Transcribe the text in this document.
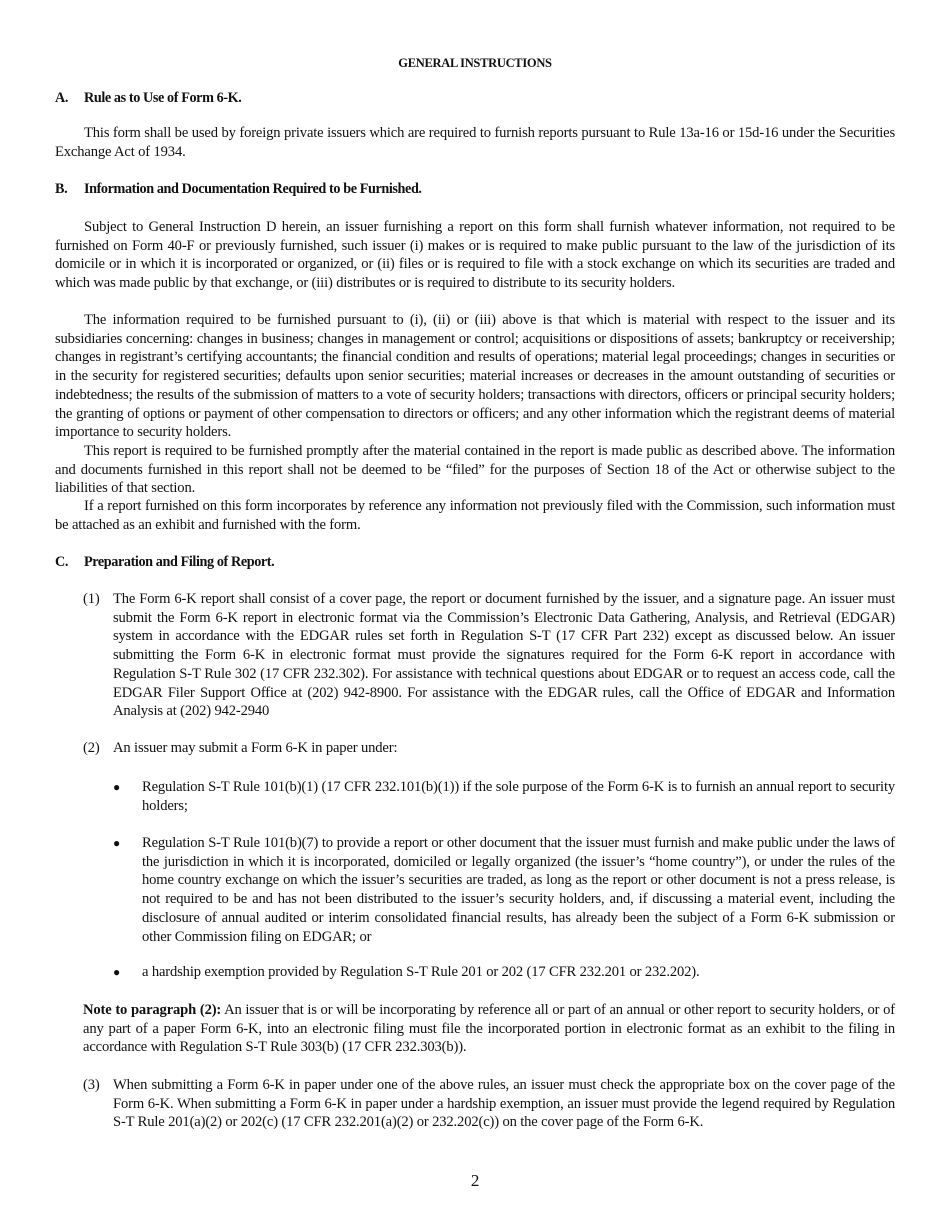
GENERAL INSTRUCTIONS
A. Rule as to Use of Form 6-K.

This form shall be used by foreign private issuers which are required to furnish reports pursuant to Rule 13a-16 or 15d-16 under the Securities Exchange Act of 1934.

B. Information and Documentation Required to be Furnished.

Subject to General Instruction D herein, an issuer furnishing a report on this form shall furnish whatever information, not required to be furnished on Form 40-F or previously furnished, such issuer (i) makes or is required to make public pursuant to the law of the jurisdiction of its domicile or in which it is incorporated or organized, or (ii) files or is required to file with a stock exchange on which its securities are traded and which was made public by that exchange, or (iii) distributes or is required to distribute to its security holders.

The information required to be furnished pursuant to (i), (ii) or (iii) above is that which is material with respect to the issuer and its subsidiaries concerning: changes in business; changes in management or control; acquisitions or dispositions of assets; bankruptcy or receivership; changes in registrant’s certifying accountants; the financial condition and results of operations; material legal proceedings; changes in securities or in the security for registered securities; defaults upon senior securities; material increases or decreases in the amount outstanding of securities or indebtedness; the results of the submission of matters to a vote of security holders; transactions with directors, officers or principal security holders; the granting of options or payment of other compensation to directors or officers; and any other information which the registrant deems of material importance to security holders.

This report is required to be furnished promptly after the material contained in the report is made public as described above. The information and documents furnished in this report shall not be deemed to be “filed” for the purposes of Section 18 of the Act or otherwise subject to the liabilities of that section.

If a report furnished on this form incorporates by reference any information not previously filed with the Commission, such information must be attached as an exhibit and furnished with the form.

C. Preparation and Filing of Report.
(1) The Form 6-K report shall consist of a cover page, the report or document furnished by the issuer, and a signature page. An issuer must submit the Form 6-K report in electronic format via the Commission’s Electronic Data Gathering, Analysis, and Retrieval (EDGAR) system in accordance with the EDGAR rules set forth in Regulation S-T (17 CFR Part 232) except as discussed below. An issuer submitting the Form 6-K in electronic format must provide the signatures required for the Form 6-K report in accordance with Regulation S-T Rule 302 (17 CFR 232.302). For assistance with technical questions about EDGAR or to request an access code, call the EDGAR Filer Support Office at (202) 942-8900. For assistance with the EDGAR rules, call the Office of EDGAR and Information Analysis at (202) 942-2940
(2) An issuer may submit a Form 6-K in paper under:
● Regulation S-T Rule 101(b)(1) (17 CFR 232.101(b)(1)) if the sole purpose of the Form 6-K is to furnish an annual report to security holders;
● Regulation S-T Rule 101(b)(7) to provide a report or other document that the issuer must furnish and make public under the laws of the jurisdiction in which it is incorporated, domiciled or legally organized (the issuer’s “home country”), or under the rules of the home country exchange on which the issuer’s securities are traded, as long as the report or other document is not a press release, is not required to be and has not been distributed to the issuer’s security holders, and, if discussing a material event, including the disclosure of annual audited or interim consolidated financial results, has already been the subject of a Form 6-K submission or other Commission filing on EDGAR; or
● a hardship exemption provided by Regulation S-T Rule 201 or 202 (17 CFR 232.201 or 232.202).
Note to paragraph (2): An issuer that is or will be incorporating by reference all or part of an annual or other report to security holders, or of any part of a paper Form 6-K, into an electronic filing must file the incorporated portion in electronic format as an exhibit to the filing in accordance with Regulation S-T Rule 303(b) (17 CFR 232.303(b)).
(3) When submitting a Form 6-K in paper under one of the above rules, an issuer must check the appropriate box on the cover page of the Form 6-K. When submitting a Form 6-K in paper under a hardship exemption, an issuer must provide the legend required by Regulation S-T Rule 201(a)(2) or 202(c) (17 CFR 232.201(a)(2) or 232.202(c)) on the cover page of the Form 6-K.
2
